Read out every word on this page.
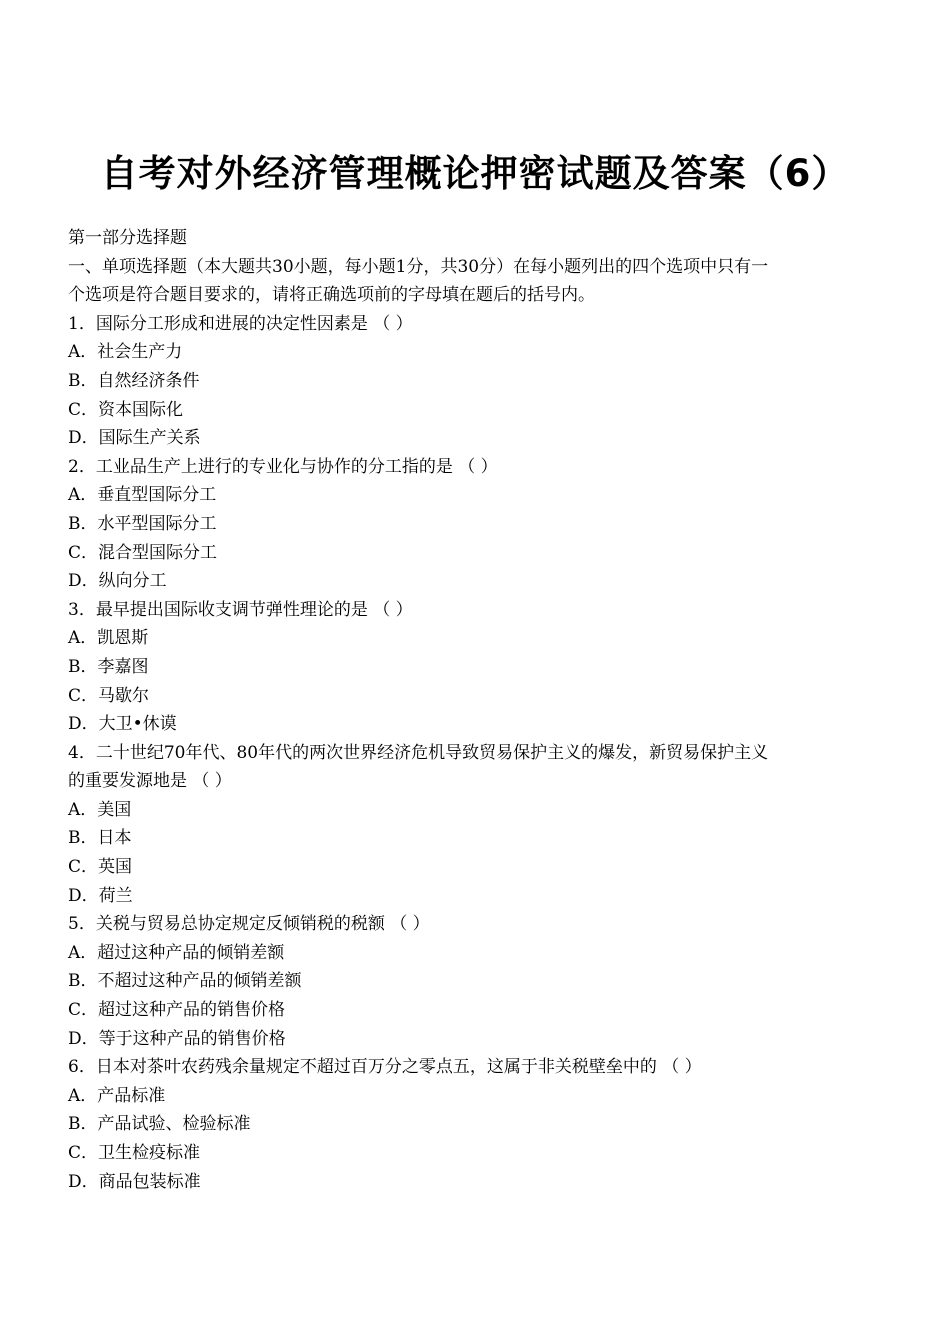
自考对外经济管理概论押密试题及答案（6）
第一部分选择题
一、单项选择题（本大题共30小题，每小题1分，共30分）在每小题列出的四个选项中只有一
个选项是符合题目要求的，请将正确选项前的字母填在题后的括号内。
1．国际分工形成和进展的决定性因素是 （ ）
A．社会生产力
B．自然经济条件
C．资本国际化
D．国际生产关系
2．工业品生产上进行的专业化与协作的分工指的是 （ ）
A．垂直型国际分工
B．水平型国际分工
C．混合型国际分工
D．纵向分工
3．最早提出国际收支调节弹性理论的是 （ ）
A．凯恩斯
B．李嘉图
C．马歇尔
D．大卫•休谟
4．二十世纪70年代、80年代的两次世界经济危机导致贸易保护主义的爆发，新贸易保护主义
的重要发源地是 （ ）
A．美国
B．日本
C．英国
D．荷兰
5．关税与贸易总协定规定反倾销税的税额 （ ）
A．超过这种产品的倾销差额
B．不超过这种产品的倾销差额
C．超过这种产品的销售价格
D．等于这种产品的销售价格
6．日本对茶叶农药残余量规定不超过百万分之零点五，这属于非关税壁垒中的 （ ）
A．产品标准
B．产品试验、检验标准
C．卫生检疫标准
D．商品包装标准
